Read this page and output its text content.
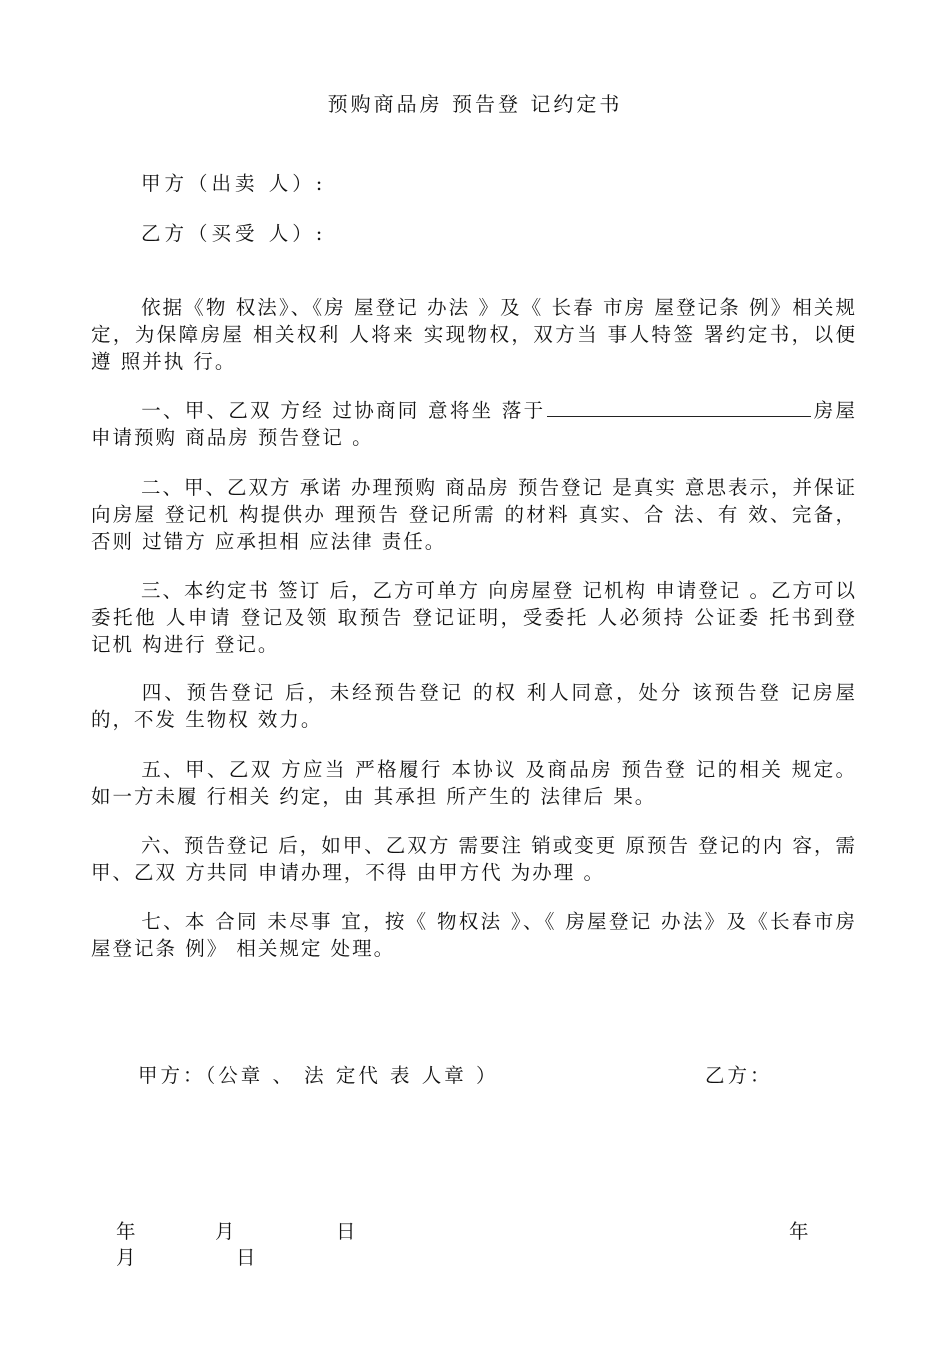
预购商品房 预告登 记约定书
甲方（出卖 人）:
乙方（买受 人）:
依据《物 权法》、《房 屋登记 办法 》及《 长春 市房 屋登记条 例》相关规定，为保障房屋 相关权利 人将来 实现物权，双方当 事人特签 署约定书，以便遵 照并执 行。
一、甲、乙双 方经 过协商同 意将坐 落于	房屋申请预购 商品房 预告登记 。
二、甲、乙双方 承诺 办理预购 商品房 预告登记 是真实 意思表示，并保证向房屋 登记机 构提供办 理预告 登记所需 的材料 真实、合 法、有 效、完备，否则 过错方 应承担相 应法律 责任。
三、本约定书 签订 后，乙方可单方 向房屋登 记机构 申请登记 。乙方可以委托他 人申请 登记及领 取预告 登记证明，受委托 人必须持 公证委 托书到登记机 构进行 登记。
四、预告登记 后，未经预告登记 的权 利人同意，处分 该预告登 记房屋的，不发 生物权 效力。
五、甲、乙双 方应当 严格履行 本协议 及商品房 预告登 记的相关 规定。如一方未履 行相关 约定，由 其承担 所产生的 法律后 果。
六、预告登记 后，如甲、乙双方 需要注 销或变更 原预告 登记的内 容，需甲、乙双 方共同 申请办理，不得 由甲方代 为办理 。
七、本 合同 未尽事 宜，按《 物权法 》、《 房屋登记 办法》及《长春市房 屋登记条 例》 相关规定 处理。
甲方：（公章 、 法 定代 表 人章 ）	乙方：
年	月	日	年
月	日
